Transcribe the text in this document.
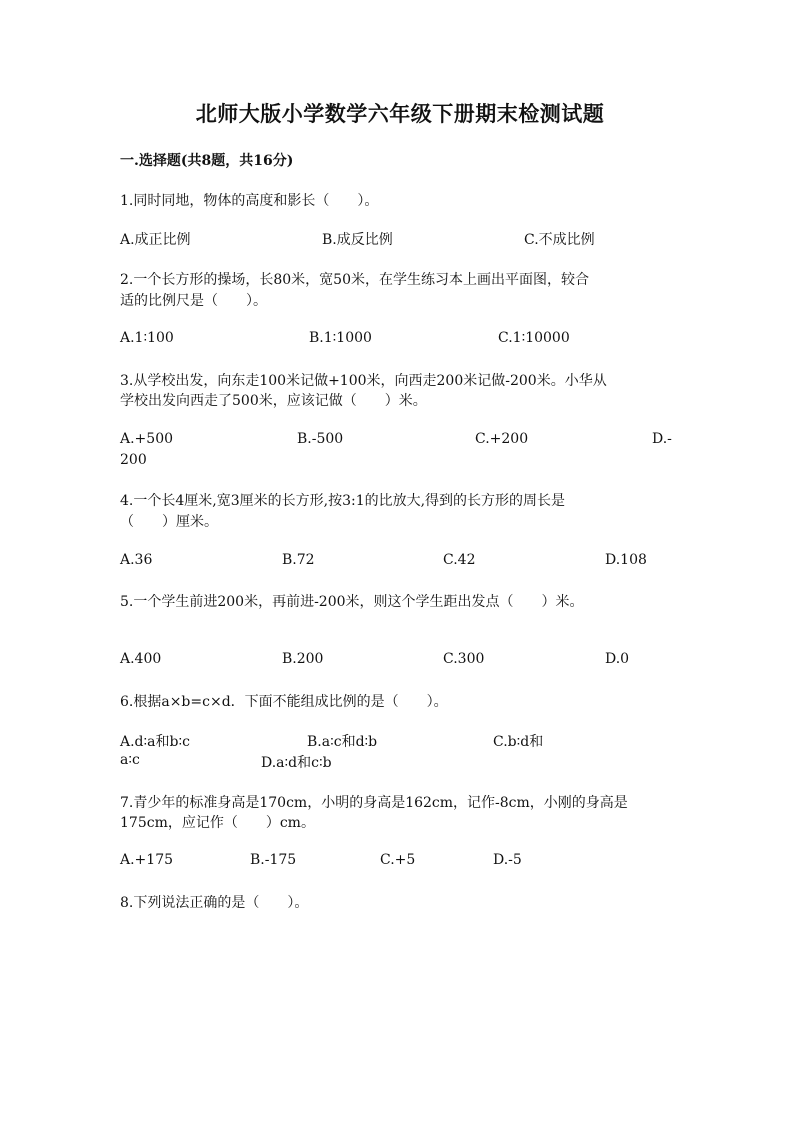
北师大版小学数学六年级下册期末检测试题
一.选择题(共8题，共16分)
1.同时同地，物体的高度和影长（　　）。
A.成正比例	B.成反比例	C.不成比例
2.一个长方形的操场，长80米，宽50米，在学生练习本上画出平面图，较合
适的比例尺是（　　）。
A.1∶100	B.1∶1000	C.1∶10000
3.从学校出发，向东走100米记做+100米，向西走200米记做-200米。小华从
学校出发向西走了500米，应该记做（　　）米。
A.+500	B.-500	C.+200	D.-
200
4.一个长4厘米,宽3厘米的长方形,按3:1的比放大,得到的长方形的周长是
（　　）厘米。
A.36	B.72	C.42	D.108
5.一个学生前进200米，再前进-200米，则这个学生距出发点（　　）米。
A.400	B.200	C.300	D.0
6.根据a×b=c×d．下面不能组成比例的是（　　）。
A.d∶a和b∶c	B.a∶c和d∶b	C.b∶d和
a∶c	D.a∶d和c∶b
7.青少年的标准身高是170cm，小明的身高是162cm，记作-8cm，小刚的身高是
175cm，应记作（　　）cm。
A.+175	B.-175	C.+5	D.-5
8.下列说法正确的是（　　）。
